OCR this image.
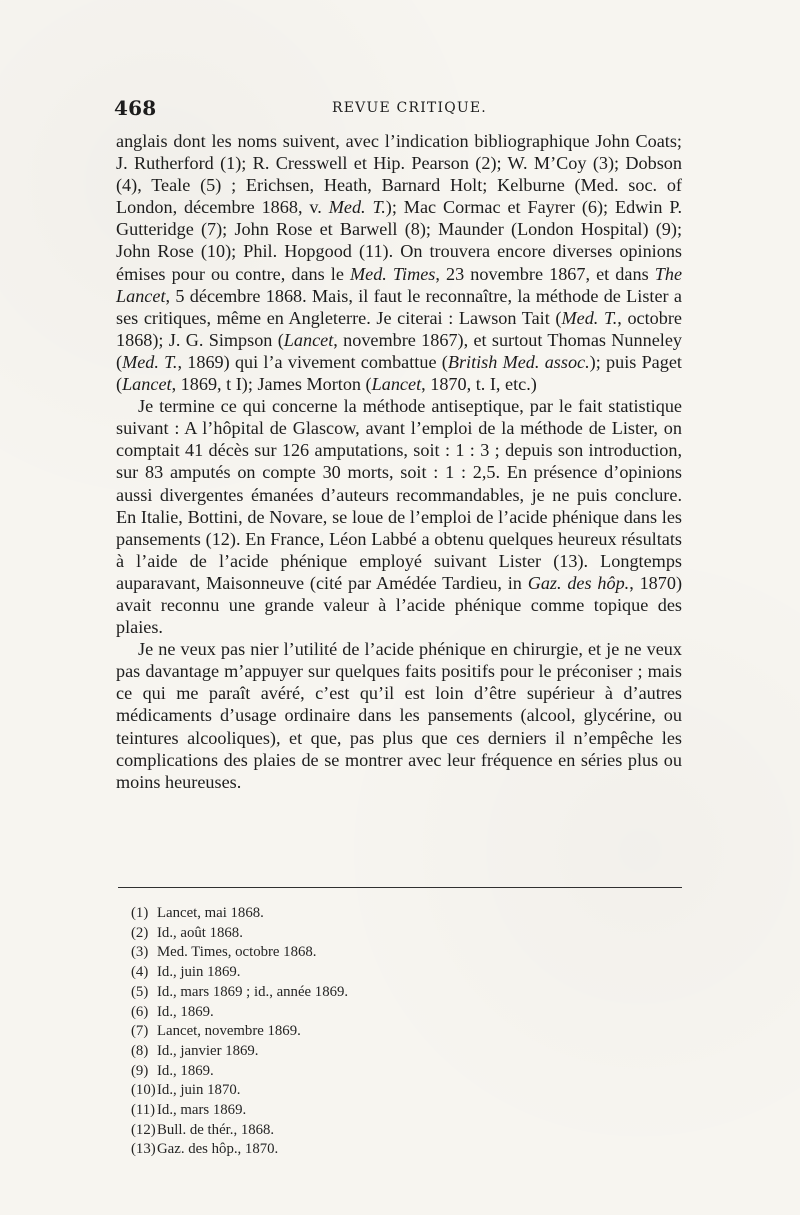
468	REVUE CRITIQUE.

anglais dont les noms suivent, avec l’indication bibliographique John Coats; J. Rutherford (1); R. Cresswell et Hip. Pearson (2); W. M’Coy (3); Dobson (4), Teale (5) ; Erichsen, Heath, Barnard Holt; Kelburne (Med. soc. of London, décembre 1868, v. Med. T.); Mac Cormac et Fayrer (6); Edwin P. Gutteridge (7); John Rose et Barwell (8); Maunder (London Hospital) (9); John Rose (10); Phil. Hopgood (11). On trouvera encore diverses opinions émises pour ou contre, dans le Med. Times, 23 novembre 1867, et dans The Lancet, 5 décembre 1868. Mais, il faut le reconnaître, la méthode de Lister a ses critiques, même en Angleterre. Je citerai : Lawson Tait (Med. T., octobre 1868); J. G. Simpson (Lancet, novembre 1867), et surtout Thomas Nunneley (Med. T., 1869) qui l’a vivement combattue (British Med. assoc.); puis Paget (Lancet, 1869, t I); James Morton (Lancet, 1870, t. I, etc.)

Je termine ce qui concerne la méthode antiseptique, par le fait statistique suivant : A l’hôpital de Glascow, avant l’emploi de la méthode de Lister, on comptait 41 décès sur 126 amputations, soit : 1 : 3 ; depuis son introduction, sur 83 amputés on compte 30 morts, soit : 1 : 2,5. En présence d’opinions aussi divergentes émanées d’auteurs recommandables, je ne puis conclure. En Italie, Bottini, de Novare, se loue de l’emploi de l’acide phénique dans les pansements (12). En France, Léon Labbé a obtenu quelques heureux résultats à l’aide de l’acide phénique employé suivant Lister (13). Longtemps auparavant, Maisonneuve (cité par Amédée Tardieu, in Gaz. des hôp., 1870) avait reconnu une grande valeur à l’acide phénique comme topique des plaies.

Je ne veux pas nier l’utilité de l’acide phénique en chirurgie, et je ne veux pas davantage m’appuyer sur quelques faits positifs pour le préconiser ; mais ce qui me paraît avéré, c’est qu’il est loin d’être supérieur à d’autres médicaments d’usage ordinaire dans les pansements (alcool, glycérine, ou teintures alcooliques), et que, pas plus que ces derniers il n’empêche les complications des plaies de se montrer avec leur fréquence en séries plus ou moins heureuses.

(1) Lancet, mai 1868.
(2) Id., août 1868.
(3) Med. Times, octobre 1868.
(4) Id., juin 1869.
(5) Id., mars 1869 ; id., année 1869.
(6) Id., 1869.
(7) Lancet, novembre 1869.
(8) Id., janvier 1869.
(9) Id., 1869.
(10)Id., juin 1870.
(11) Id., mars 1869.
(12)Bull. de thér., 1868.
(13)Gaz. des hôp., 1870.
